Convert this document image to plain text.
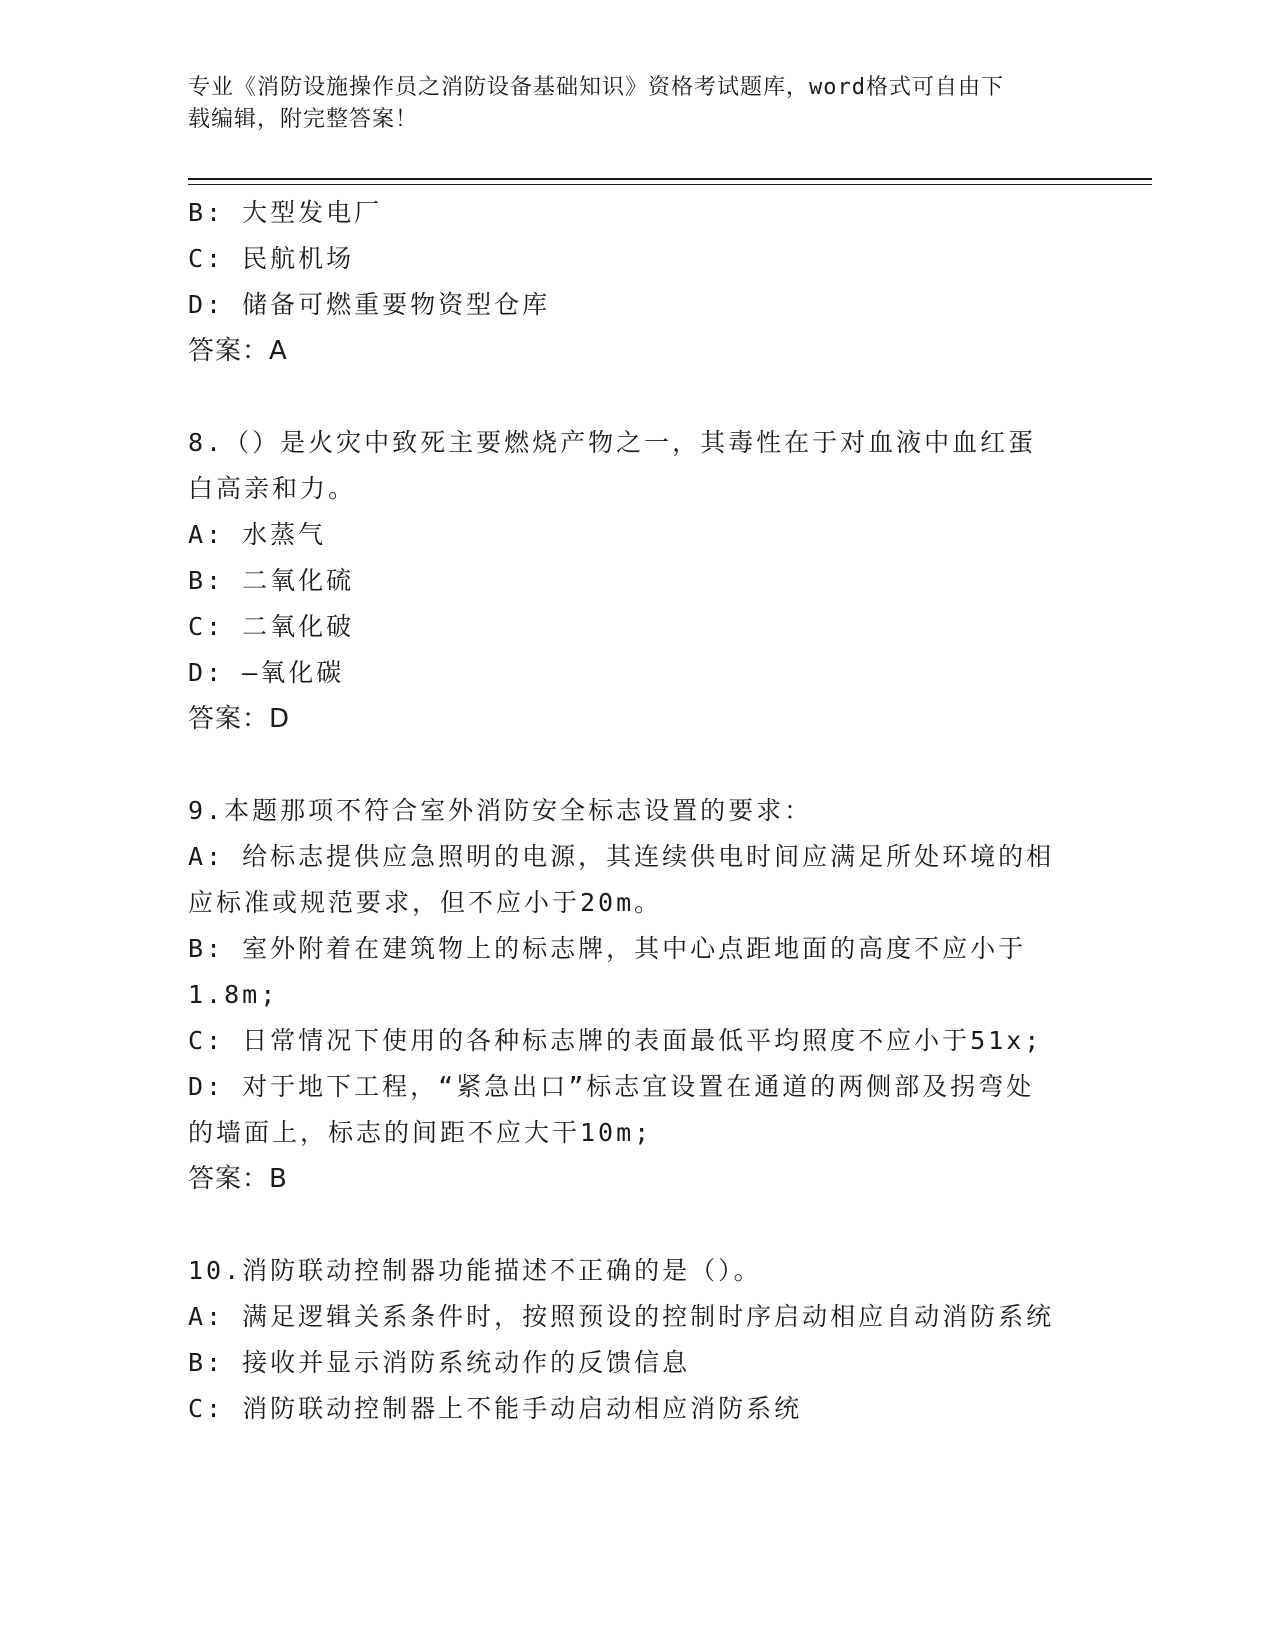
专业《消防设施操作员之消防设备基础知识》资格考试题库，word格式可自由下
载编辑，附完整答案！
B: 大型发电厂
C: 民航机场
D: 储备可燃重要物资型仓库
答案：A
8.（）是火灾中致死主要燃烧产物之一，其毒性在于对血液中血红蛋
白高亲和力。
A: 水蒸气
B: 二氧化硫
C: 二氧化破
D: —氧化碳
答案：D
9.本题那项不符合室外消防安全标志设置的要求：
A: 给标志提供应急照明的电源，其连续供电时间应满足所处环境的相
应标准或规范要求，但不应小于20m。
B: 室外附着在建筑物上的标志牌，其中心点距地面的高度不应小于
1.8m;
C: 日常情况下使用的各种标志牌的表面最低平均照度不应小于51x;
D: 对于地下工程，“紧急出口”标志宜设置在通道的两侧部及拐弯处
的墙面上，标志的间距不应大干10m;
答案：B
10.消防联动控制器功能描述不正确的是（）。
A: 满足逻辑关系条件时，按照预设的控制时序启动相应自动消防系统
B: 接收并显示消防系统动作的反馈信息
C: 消防联动控制器上不能手动启动相应消防系统
